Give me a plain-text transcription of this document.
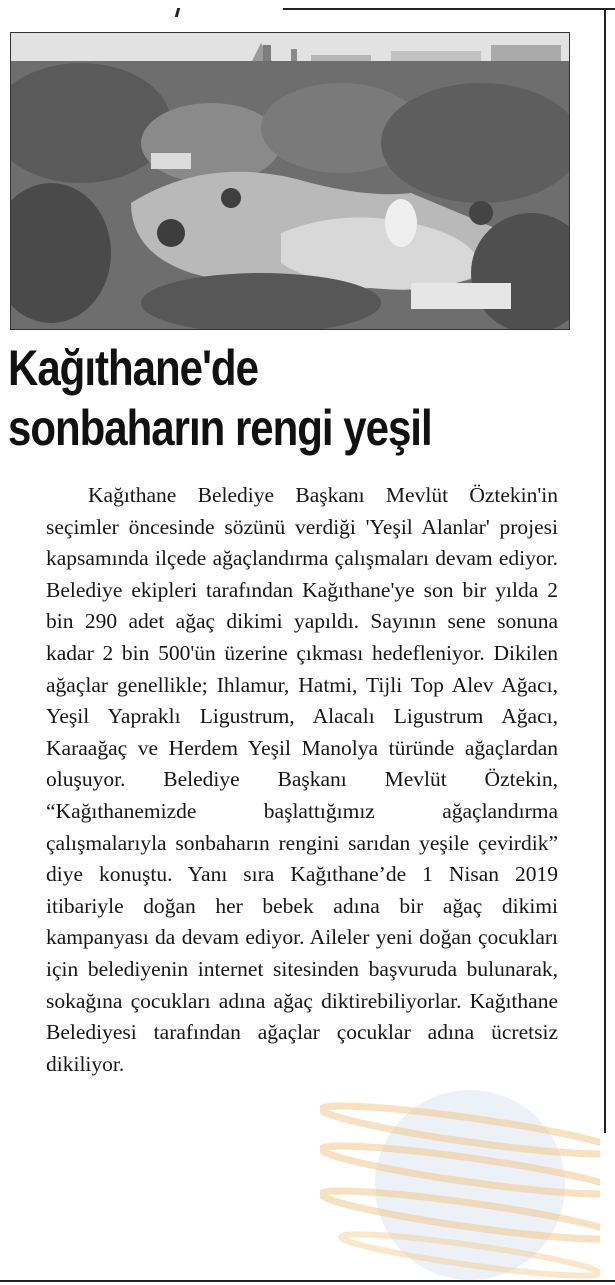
Kağıthane'de
sonbaharın rengi yeşil

Kağıthane Belediye Başkanı Mevlüt Öztekin'in seçimler öncesinde sözünü verdiği 'Yeşil Alanlar' projesi kapsamında ilçede ağaçlandırma çalışmaları devam ediyor. Belediye ekipleri tarafından Kağıthane'ye son bir yılda 2 bin 290 adet ağaç dikimi yapıldı. Sayının sene sonuna kadar 2 bin 500'ün üzerine çıkması hedefleniyor. Dikilen ağaçlar genellikle; Ihlamur, Hatmi, Tijli Top Alev Ağacı, Yeşil Yapraklı Ligustrum, Alacalı Ligustrum Ağacı, Karaağaç ve Herdem Yeşil Manolya türünde ağaçlardan oluşuyor. Belediye Başkanı Mevlüt Öztekin, “Kağıthanemizde başlattığımız ağaçlandırma çalışmalarıyla sonbaharın rengini sarıdan yeşile çevirdik” diye konuştu. Yanı sıra Kağıthane’de 1 Nisan 2019 itibariyle doğan her bebek adına bir ağaç dikimi kampanyası da devam ediyor. Aileler yeni doğan çocukları için belediyenin internet sitesinden başvuruda bulunarak, sokağına çocukları adına ağaç diktirebiliyorlar. Kağıthane Belediyesi tarafından ağaçlar çocuklar adına ücretsiz dikiliyor.
